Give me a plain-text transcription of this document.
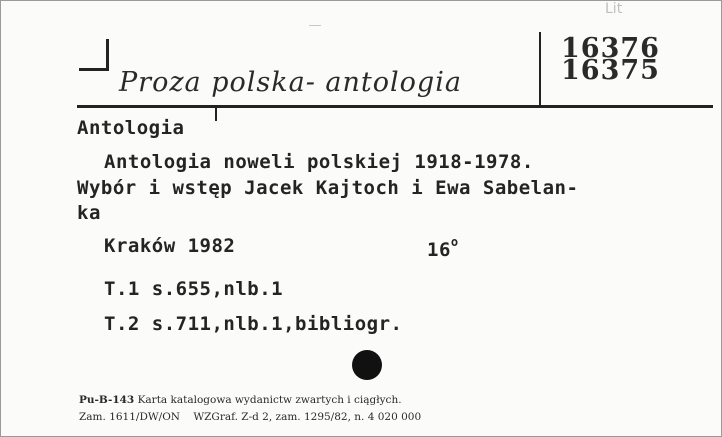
Proza polska- antologia
16376
16375
Lit
Antologia
Antologia noweli polskiej 1918-1978.
Wybór i wstęp Jacek Kajtoch i Ewa Sabelan-
ka
Kraków 1982	16$^o$
T.1 s.655,nlb.1
T.2 s.711,nlb.1,bibliogr.
Pu-B-143 Karta katalogowa wydanictw zwartych i ciągłych.
Zam. 1611/DW/ON    WZGraf. Z-d 2, zam. 1295/82, n. 4 020 000
